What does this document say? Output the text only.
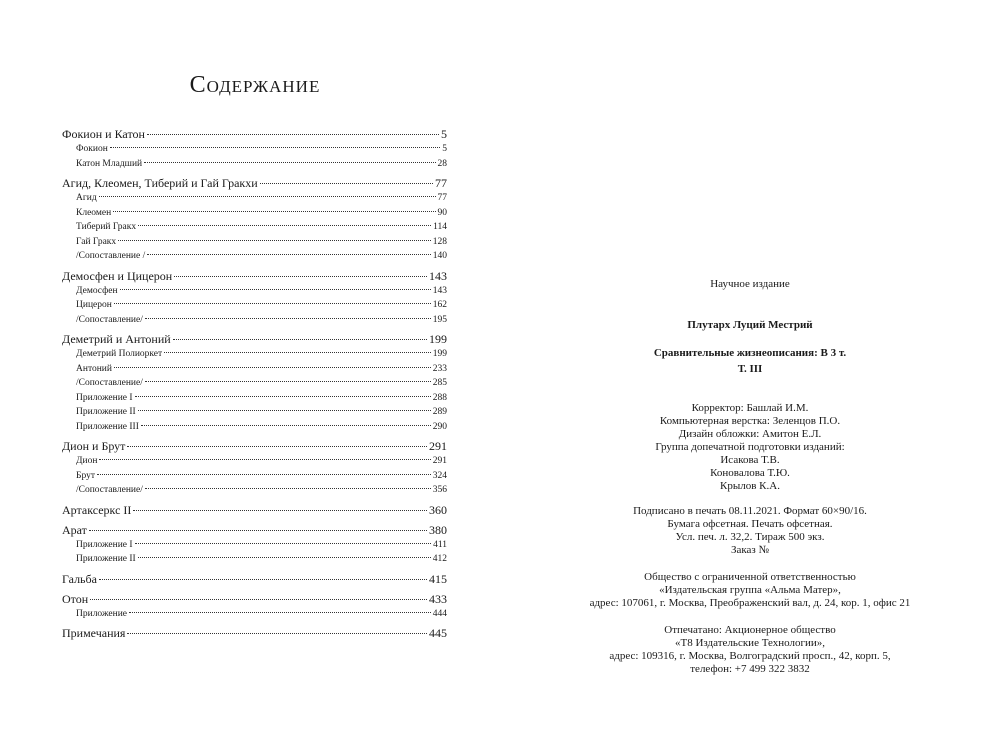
Содержание
Фокион и Катон	5
Фокион	5
Катон Младший	28
Агид, Клеомен, Тиберий и Гай Гракхи	77
Агид	77
Клеомен	90
Тиберий Гракх	114
Гай Гракх	128
/Сопоставление /	140
Демосфен и Цицерон	143
Демосфен	143
Цицерон	162
/Сопоставление/	195
Деметрий и Антоний	199
Деметрий Полиоркет	199
Антоний	233
/Сопоставление/	285
Приложение I	288
Приложение II	289
Приложение III	290
Дион и Брут	291
Дион	291
Брут	324
/Сопоставление/	356
Артаксеркс II	360
Арат	380
Приложение I	411
Приложение II	412
Гальба	415
Отон	433
Приложение	444
Примечания	445

Научное издание

Плутарх Луций Местрий

Сравнительные жизнеописания: В 3 т.

Т. III

Корректор: Башлай И.М.
Компьютерная верстка: Зеленцов П.О.
Дизайн обложки: Амитон Е.Л.
Группа допечатной подготовки изданий:
Исакова Т.В.
Коновалова Т.Ю.
Крылов К.А.
Подписано в печать 08.11.2021. Формат 60×90/16.
Бумага офсетная. Печать офсетная.
Усл. печ. л. 32,2. Тираж 500 экз.
Заказ №
Общество с ограниченной ответственностью
«Издательская группа «Альма Матер»,
адрес: 107061, г. Москва, Преображенский вал, д. 24, кор. 1, офис 21
Отпечатано: Акционерное общество
«Т8 Издательские Технологии»,
адрес: 109316, г. Москва, Волгоградский просп., 42, корп. 5,
телефон: +7 499 322 3832
